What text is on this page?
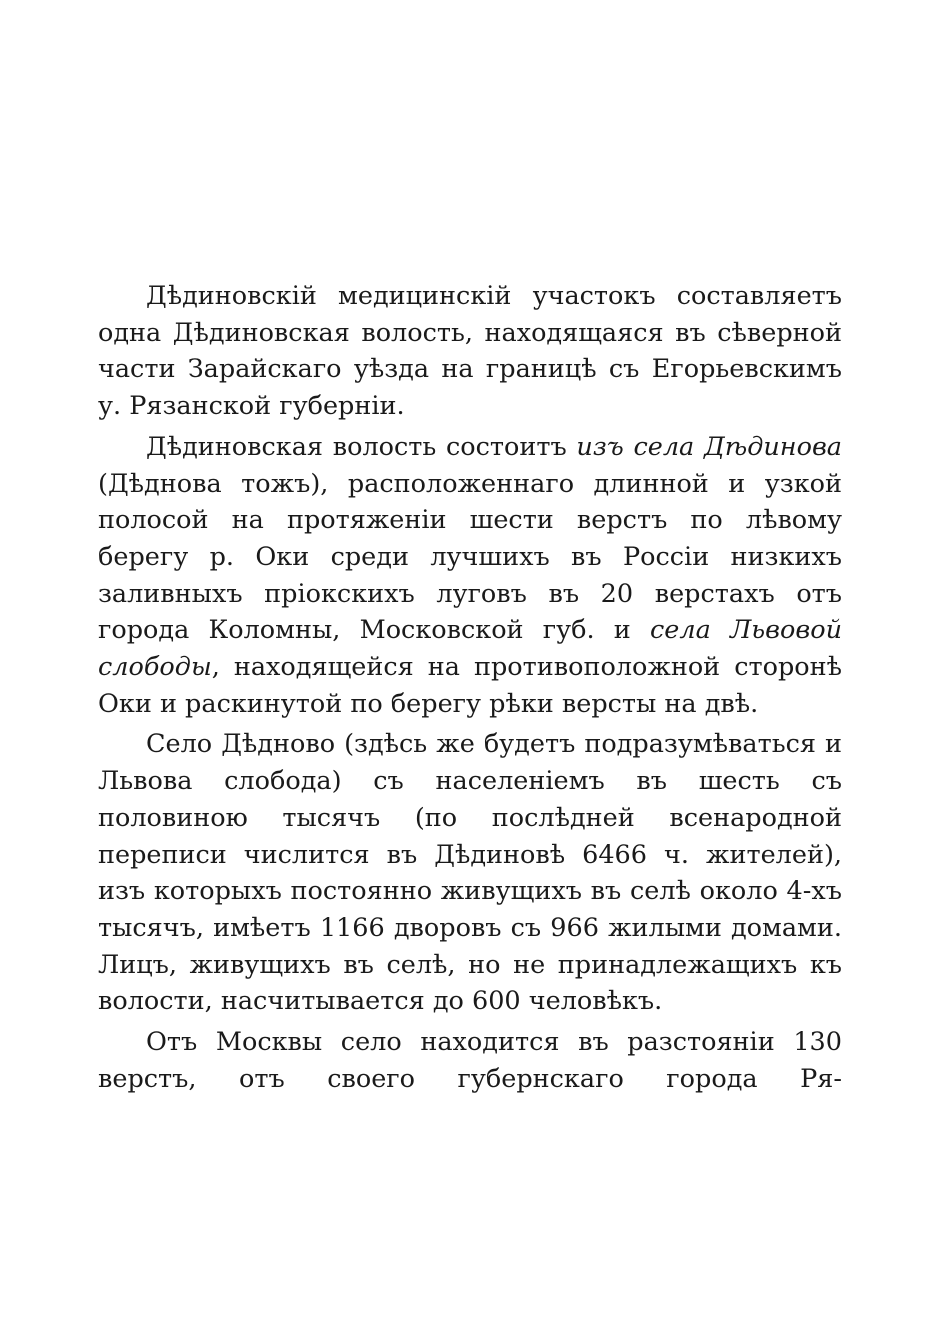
Дѣдиновскій медицинскій участокъ составляетъ одна Дѣдиновская волость, находящаяся въ сѣверной части Зарайскаго уѣзда на границѣ съ Егорьевскимъ у. Рязанской губерніи.

Дѣдиновская волость состоитъ изъ села Дѣдинова (Дѣднова тожъ), расположеннаго длинной и узкой полосой на протяженіи шести верстъ по лѣвому берегу р. Оки среди лучшихъ въ Россіи низкихъ заливныхъ пріокскихъ луговъ въ 20 верстахъ отъ города Коломны, Московской губ. и села Львовой слободы, находящейся на противоположной сторонѣ Оки и раскинутой по берегу рѣки версты на двѣ.

Село Дѣдново (здѣсь же будетъ подразумѣваться и Львова слобода) съ населеніемъ въ шесть съ половиною тысячъ (по послѣдней всенародной переписи числится въ Дѣдиновѣ 6466 ч. жителей), изъ которыхъ постоянно живущихъ въ селѣ около 4-хъ тысячъ, имѣетъ 1166 дворовъ съ 966 жилыми домами. Лицъ, живущихъ въ селѣ, но не принадлежащихъ къ волости, насчитывается до 600 человѣкъ.

Отъ Москвы село находится въ разстояніи 130 верстъ, отъ своего губернскаго города Ря-
